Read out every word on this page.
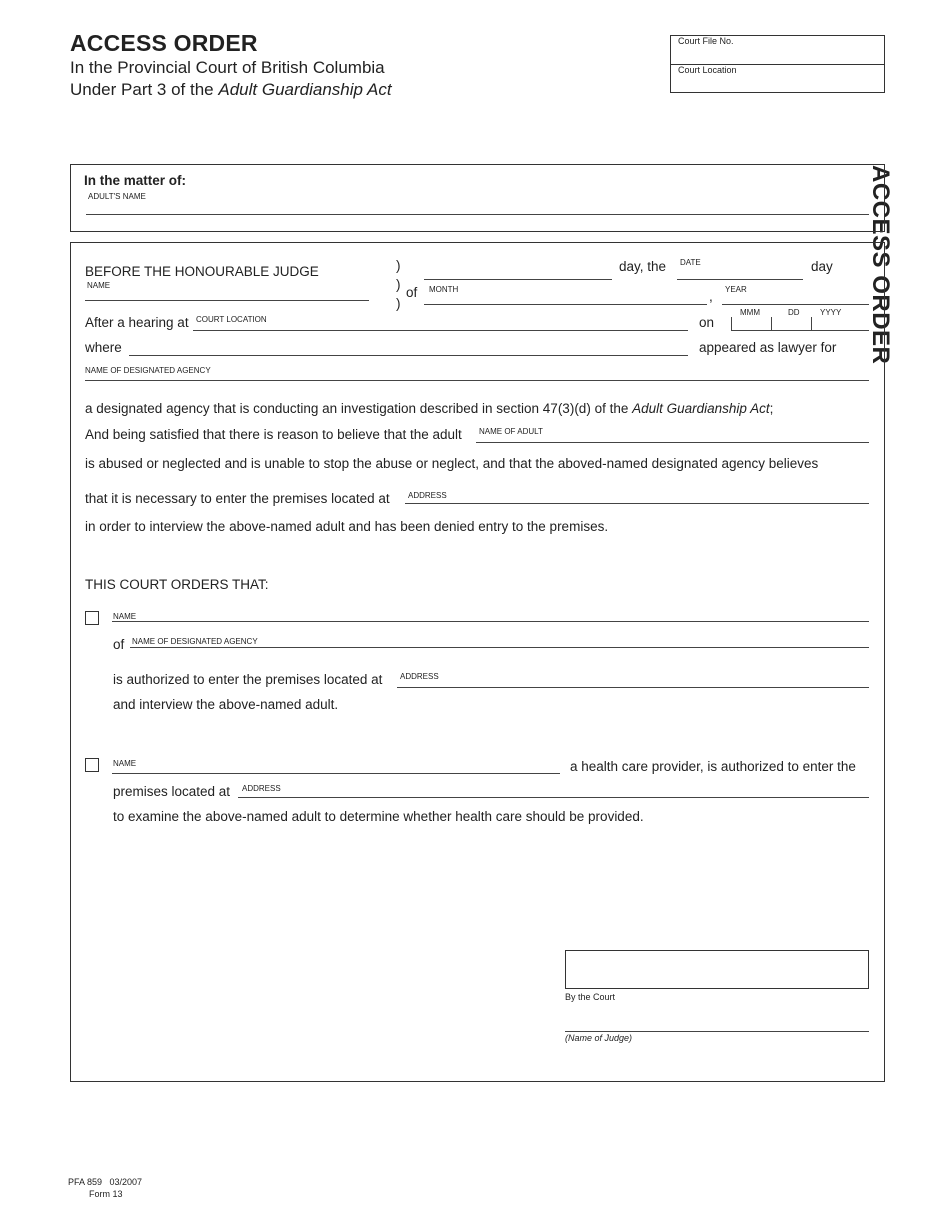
ACCESS ORDER
In the Provincial Court of British Columbia
Under Part 3 of the Adult Guardianship Act
Court File No.
Court Location
ACCESS ORDER
In the matter of:
ADULT'S NAME
BEFORE THE HONOURABLE JUDGE
NAME
)
)
)
of
day, the DATE	day
MONTH	, YEAR
After a hearing at COURT LOCATION	on
MMM	DD	YYYY
where	appeared as lawyer for
NAME OF DESIGNATED AGENCY
a designated agency that is conducting an investigation described in section 47(3)(d) of the Adult Guardianship Act;
And being satisfied that there is reason to believe that the adult NAME OF ADULT
is abused or neglected and is unable to stop the abuse or neglect, and that the aboved-named designated agency believes
that it is necessary to enter the premises located at ADDRESS
in order to interview the above-named adult and has been denied entry to the premises.
THIS COURT ORDERS THAT:
NAME
of NAME OF DESIGNATED AGENCY
is authorized to enter the premises located at ADDRESS
and interview the above-named adult.
NAME	a health care provider, is authorized to enter the
premises located at ADDRESS
to examine the above-named adult to determine whether health care should be provided.
By the Court
(Name of Judge)
PFA 859   03/2007
Form 13
